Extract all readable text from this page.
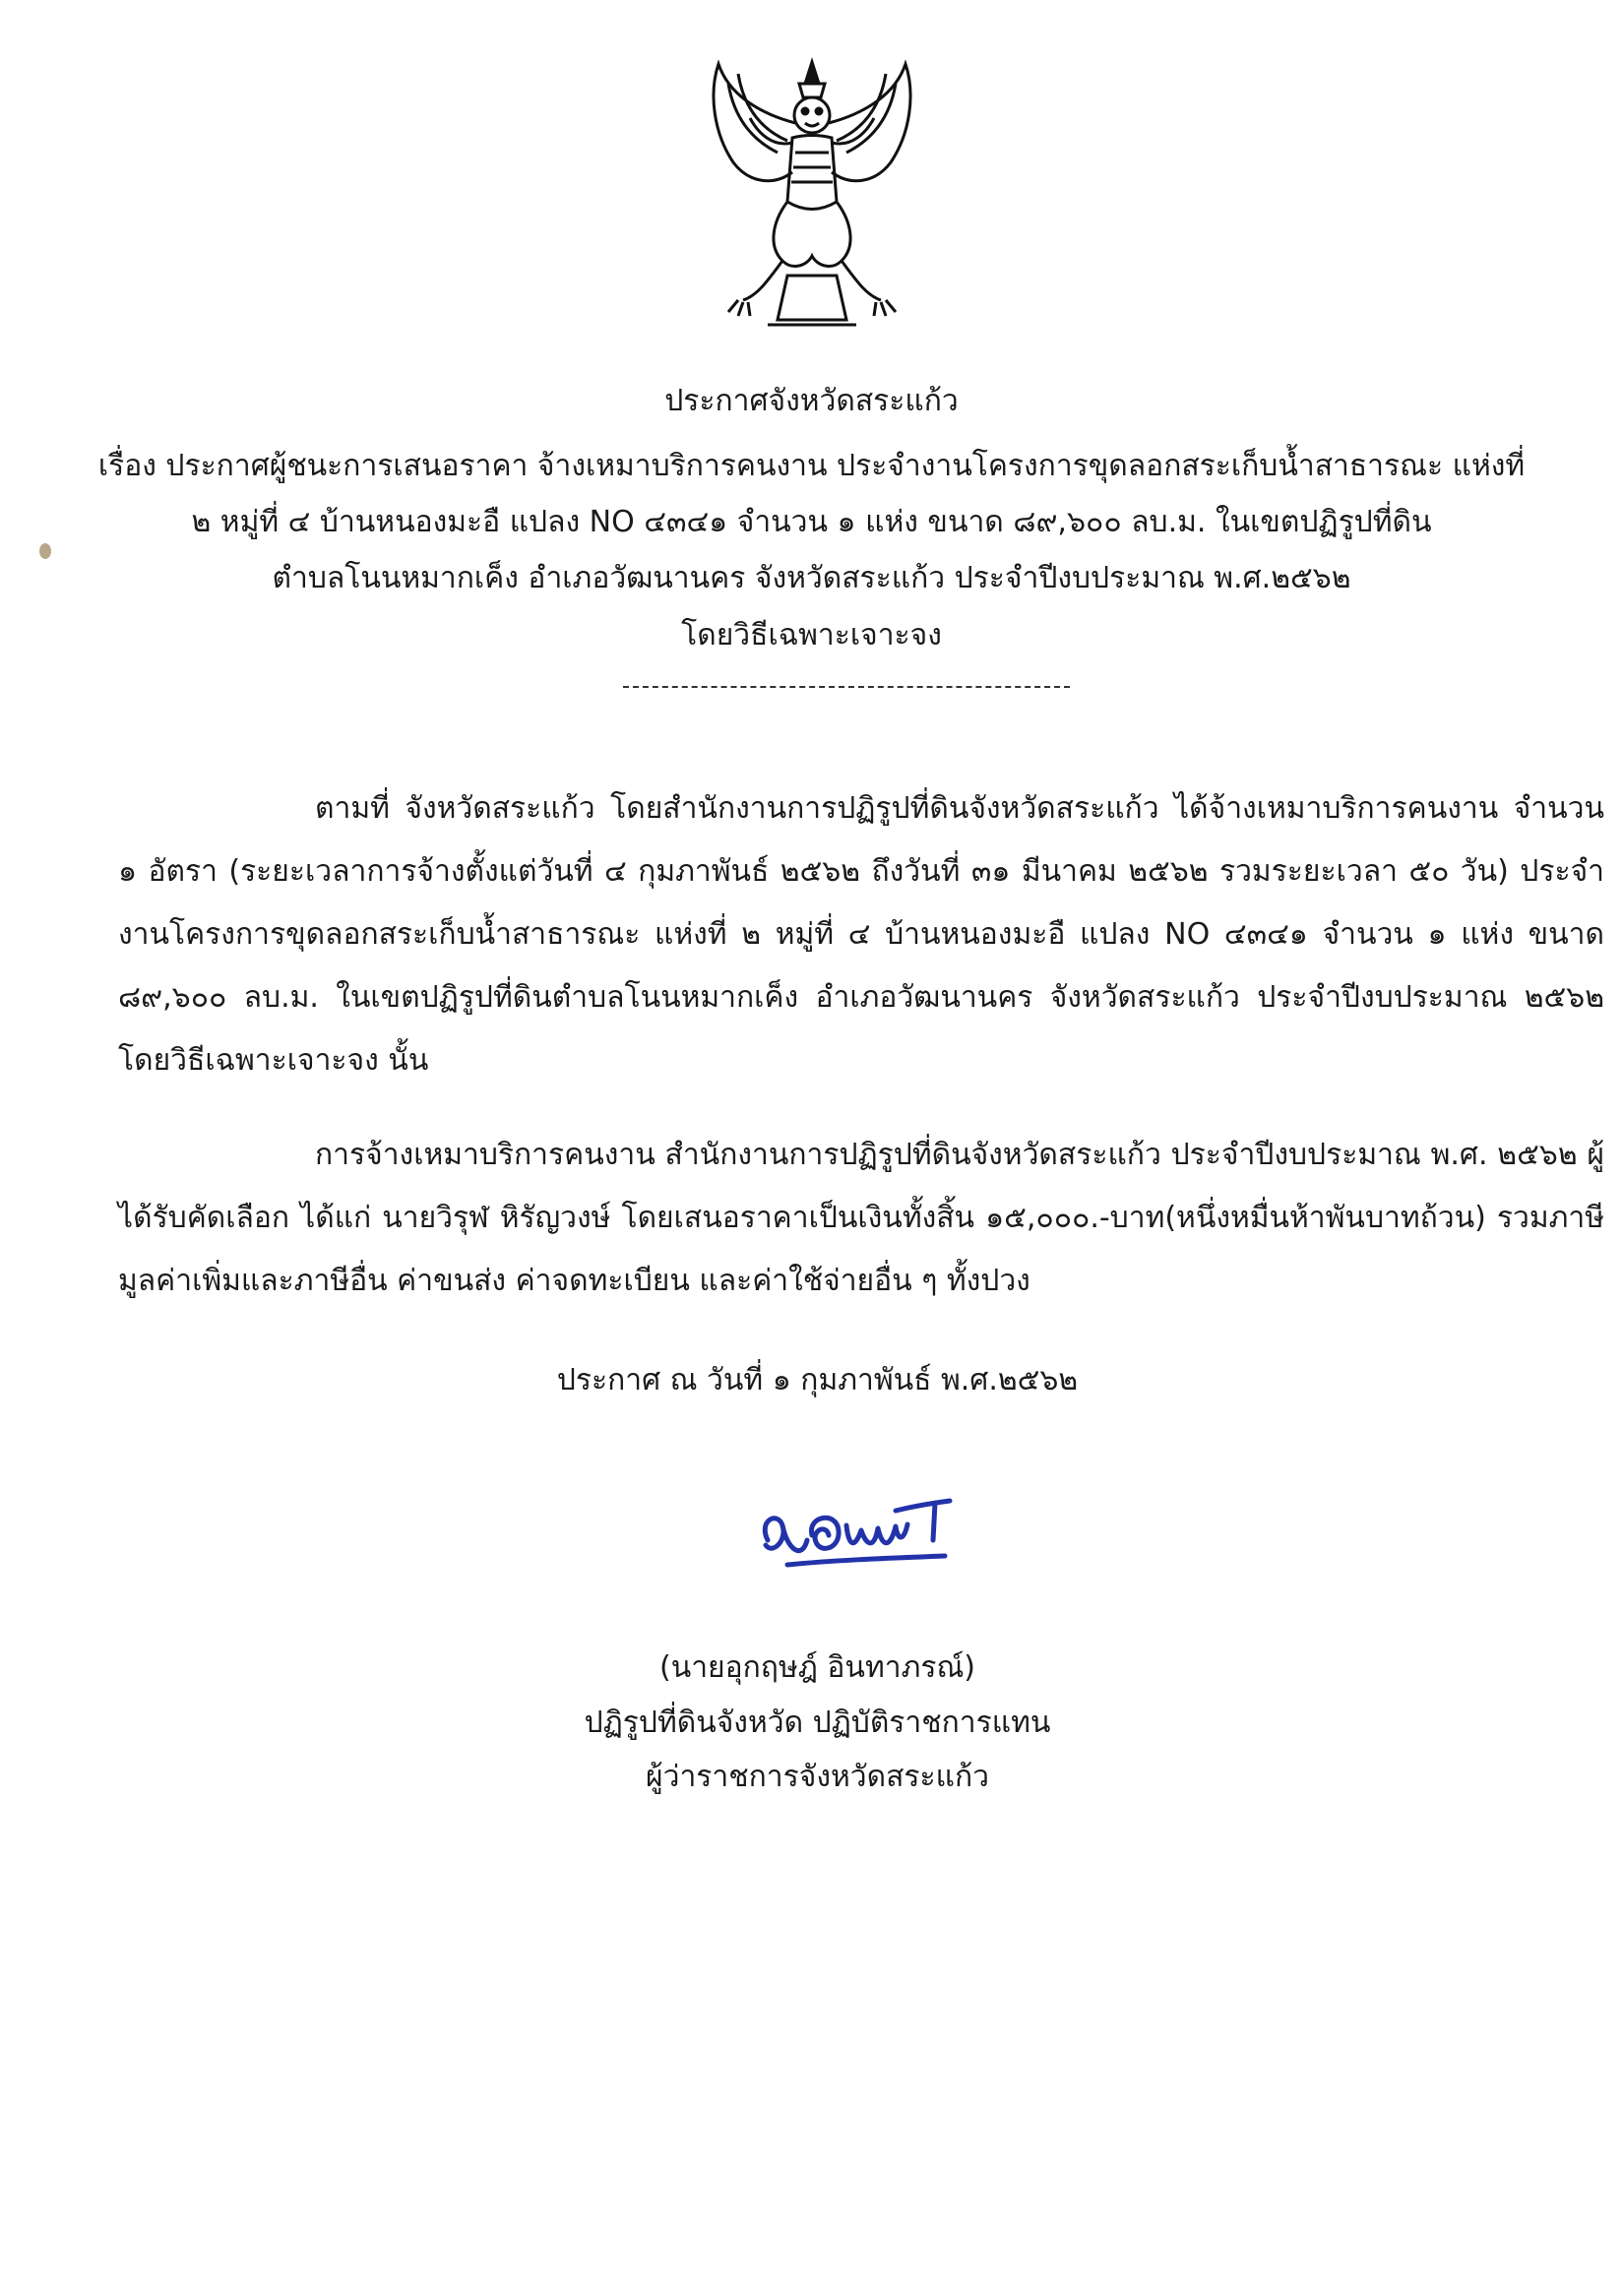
ประกาศจังหวัดสระแก้ว
เรื่อง ประกาศผู้ชนะการเสนอราคา จ้างเหมาบริการคนงาน ประจำงานโครงการขุดลอกสระเก็บน้ำสาธารณะ แห่งที่
๒ หมู่ที่ ๔ บ้านหนองมะอื แปลง NO ๔๓๔๑ จำนวน ๑ แห่ง ขนาด ๘๙,๖๐๐ ลบ.ม. ในเขตปฏิรูปที่ดิน
ตำบลโนนหมากเค็ง อำเภอวัฒนานคร จังหวัดสระแก้ว ประจำปีงบประมาณ พ.ศ.๒๕๖๒
โดยวิธีเฉพาะเจาะจง
ตามที่ จังหวัดสระแก้ว โดยสำนักงานการปฏิรูปที่ดินจังหวัดสระแก้ว ได้จ้างเหมาบริการคนงาน จำนวน ๑ อัตรา (ระยะเวลาการจ้างตั้งแต่วันที่ ๔ กุมภาพันธ์ ๒๕๖๒ ถึงวันที่ ๓๑ มีนาคม ๒๕๖๒ รวมระยะเวลา ๕๐ วัน) ประจำงานโครงการขุดลอกสระเก็บน้ำสาธารณะ แห่งที่ ๒ หมู่ที่ ๔ บ้านหนองมะอื แปลง NO ๔๓๔๑ จำนวน ๑ แห่ง ขนาด ๘๙,๖๐๐ ลบ.ม. ในเขตปฏิรูปที่ดินตำบลโนนหมากเค็ง อำเภอวัฒนานคร จังหวัดสระแก้ว ประจำปีงบประมาณ ๒๕๖๒ โดยวิธีเฉพาะเจาะจง นั้น
การจ้างเหมาบริการคนงาน สำนักงานการปฏิรูปที่ดินจังหวัดสระแก้ว ประจำปีงบประมาณ พ.ศ. ๒๕๖๒ ผู้ได้รับคัดเลือก ได้แก่ นายวิรุฬ หิรัญวงษ์ โดยเสนอราคาเป็นเงินทั้งสิ้น ๑๕,๐๐๐.-บาท(หนึ่งหมื่นห้าพันบาทถ้วน) รวมภาษีมูลค่าเพิ่มและภาษีอื่น ค่าขนส่ง ค่าจดทะเบียน และค่าใช้จ่ายอื่น ๆ ทั้งปวง
ประกาศ ณ วันที่ ๑ กุมภาพันธ์ พ.ศ.๒๕๖๒
(นายอุกฤษฎ์ อินทาภรณ์)
ปฏิรูปที่ดินจังหวัด ปฏิบัติราชการแทน
ผู้ว่าราชการจังหวัดสระแก้ว
